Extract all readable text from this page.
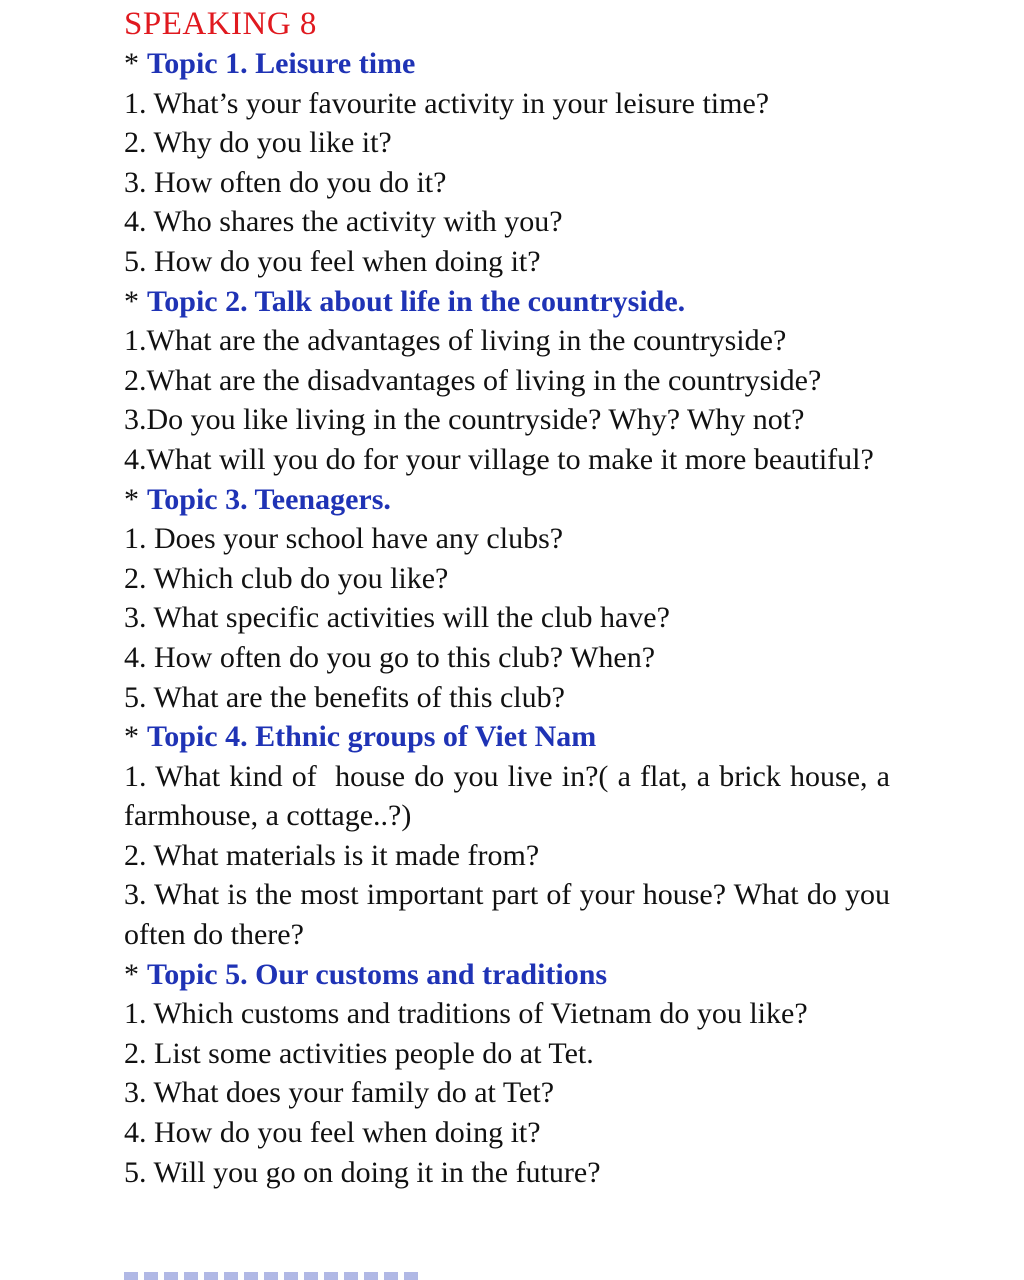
SPEAKING 8
* Topic 1. Leisure time
1. What’s your favourite activity in your leisure time?
2. Why do you like it?
3. How often do you do it?
4. Who shares the activity with you?
5. How do you feel when doing it?
* Topic 2. Talk about life in the countryside.
1.What are the advantages of living in the countryside?
2.What are the disadvantages of living in the countryside?
3.Do you like living in the countryside? Why? Why not?
4.What will you do for your village to make it more beautiful?
* Topic 3. Teenagers.
1. Does your school have any clubs?
2. Which club do you like?
3. What specific activities will the club have?
4. How often do you go to this club? When?
5. What are the benefits of this club?
* Topic 4. Ethnic groups of Viet Nam
1. What kind of  house do you live in?( a flat, a brick house, a farmhouse, a cottage..?)
2. What materials is it made from?
3. What is the most important part of your house? What do you often do there?
* Topic 5. Our customs and traditions
1. Which customs and traditions of Vietnam do you like?
2. List some activities people do at Tet.
3. What does your family do at Tet?
4. How do you feel when doing it?
5. Will you go on doing it in the future?
